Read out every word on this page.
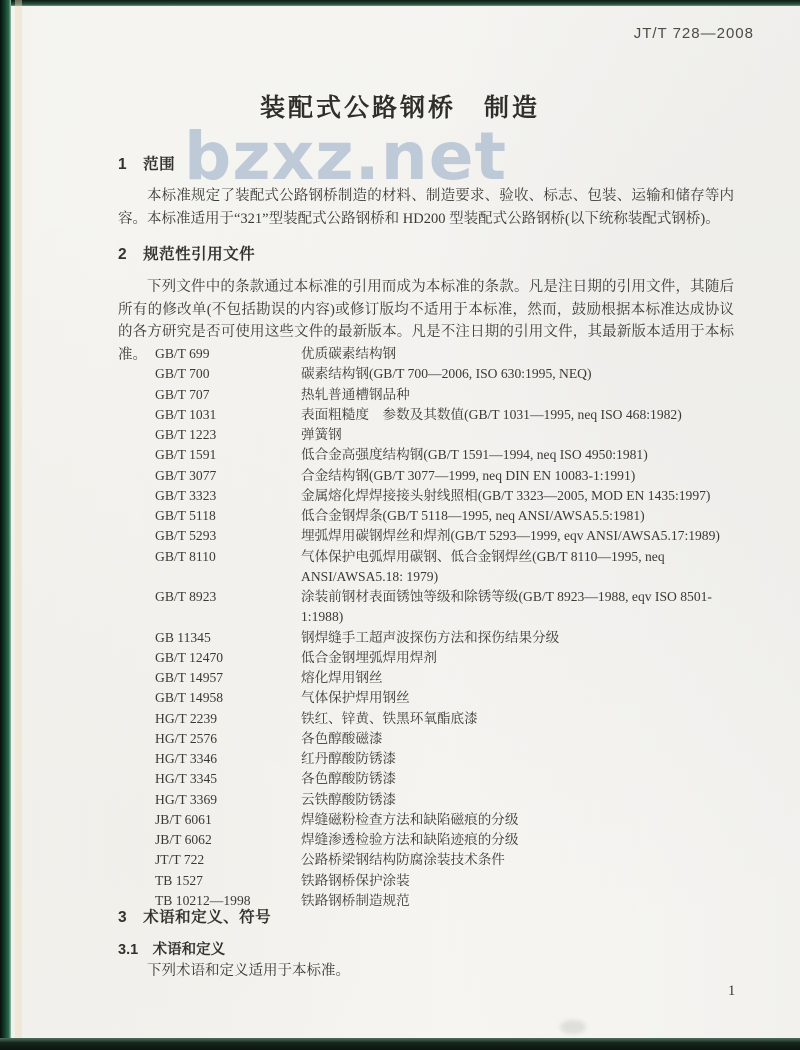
bzxz.net
JT/T 728—2008
装配式公路钢桥　制造
1　范围
本标准规定了装配式公路钢桥制造的材料、制造要求、验收、标志、包装、运输和储存等内容。 本标准适用于“321”型装配式公路钢桥和 HD200 型装配式公路钢桥(以下统称装配式钢桥)。
2　规范性引用文件
下列文件中的条款通过本标准的引用而成为本标准的条款。凡是注日期的引用文件，其随后所有的修改单(不包括勘误的内容)或修订版均不适用于本标准，然而，鼓励根据本标准达成协议的各方研究是否可使用这些文件的最新版本。凡是不注日期的引用文件，其最新版本适用于本标准。 GB/T 699	优质碳素结构钢
GB/T 700	碳素结构钢(GB/T 700—2006, ISO 630:1995, NEQ)
GB/T 707	热轧普通槽钢品种
GB/T 1031	表面粗糙度　参数及其数值(GB/T 1031—1995, neq ISO 468:1982)
GB/T 1223	弹簧钢
GB/T 1591	低合金高强度结构钢(GB/T 1591—1994, neq ISO 4950:1981)
GB/T 3077	合金结构钢(GB/T 3077—1999, neq DIN EN 10083-1:1991)
GB/T 3323	金属熔化焊焊接接头射线照相(GB/T 3323—2005, MOD EN 1435:1997)
GB/T 5118	低合金钢焊条(GB/T 5118—1995, neq ANSI/AWSA5.5:1981)
GB/T 5293	埋弧焊用碳钢焊丝和焊剂(GB/T 5293—1999, eqv ANSI/AWSA5.17:1989)
GB/T 8110	气体保护电弧焊用碳钢、低合金钢焊丝(GB/T 8110—1995, neq ANSI/AWSA5.18: 1979)
GB/T 8923	涂装前钢材表面锈蚀等级和除锈等级(GB/T 8923—1988, eqv ISO 8501-1:1988)
GB 11345	钢焊缝手工超声波探伤方法和探伤结果分级
GB/T 12470	低合金钢埋弧焊用焊剂
GB/T 14957	熔化焊用钢丝
GB/T 14958	气体保护焊用钢丝
HG/T 2239	铁红、锌黄、铁黑环氧酯底漆
HG/T 2576	各色醇酸磁漆
HG/T 3346	红丹醇酸防锈漆
HG/T 3345	各色醇酸防锈漆
HG/T 3369	云铁醇酸防锈漆
JB/T 6061	焊缝磁粉检查方法和缺陷磁痕的分级
JB/T 6062	焊缝渗透检验方法和缺陷迹痕的分级
JT/T 722	公路桥梁钢结构防腐涂装技术条件
TB 1527	铁路钢桥保护涂装
TB 10212—1998	铁路钢桥制造规范
3　术语和定义、符号
3.1　术语和定义
下列术语和定义适用于本标准。
1
